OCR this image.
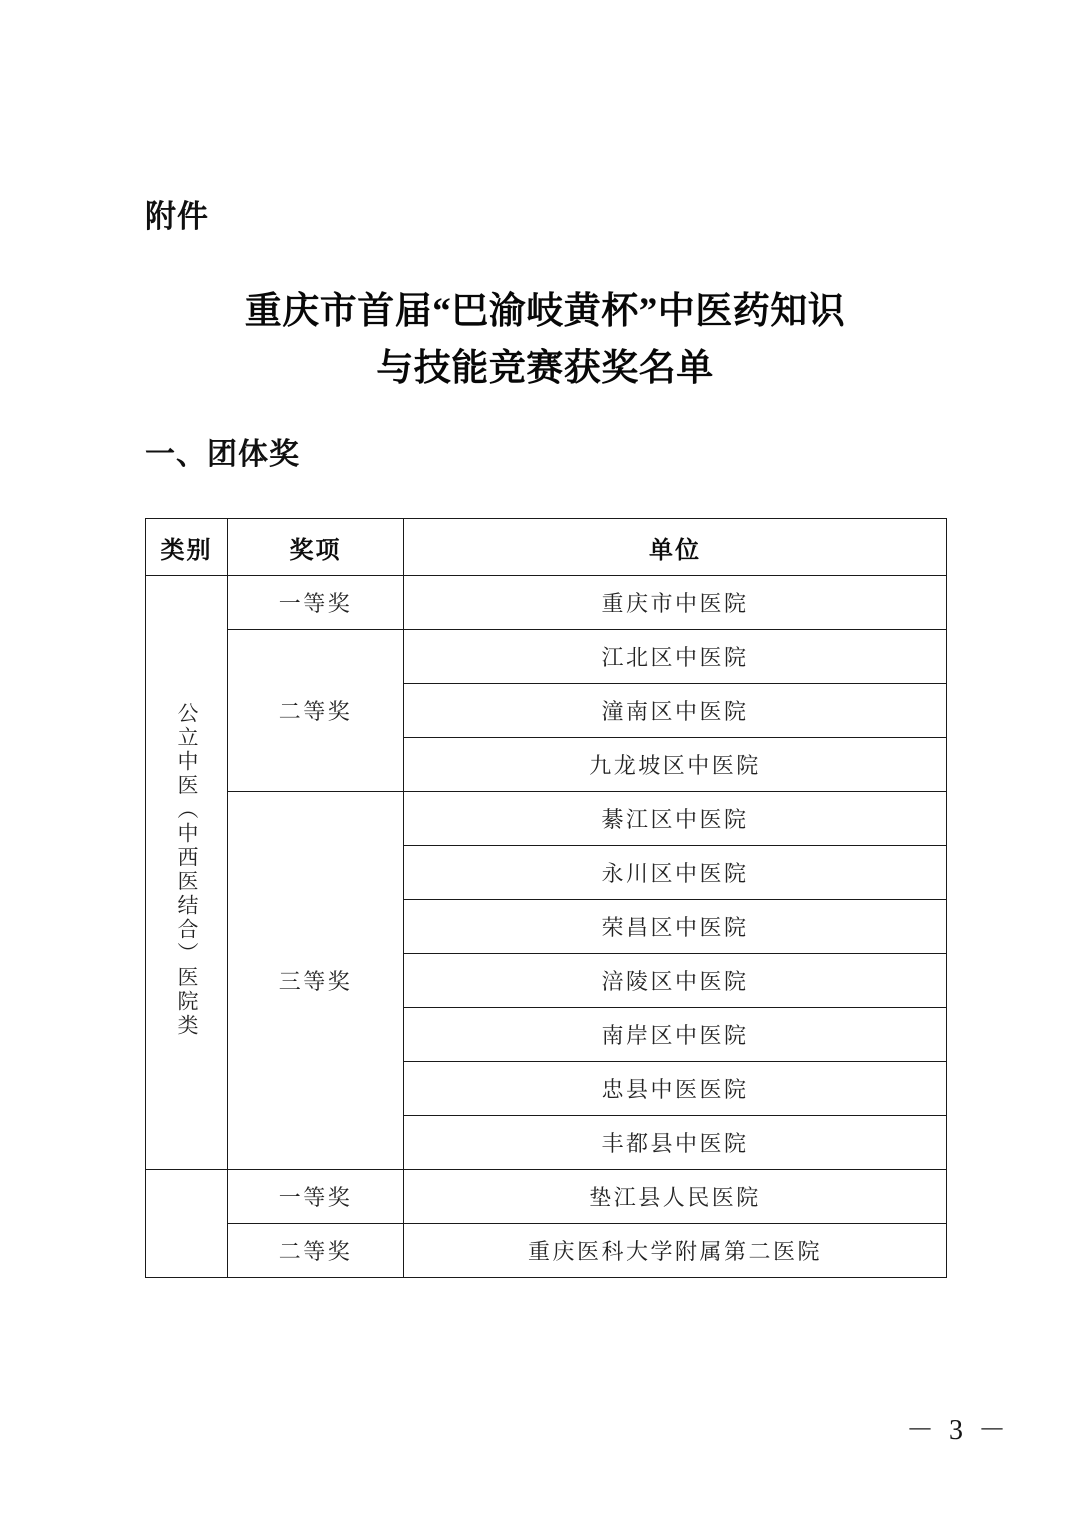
附件
重庆市首届“巴渝岐黄杯”中医药知识
与技能竞赛获奖名单
一、团体奖
类别	奖项	单位
公立中医（中西医结合）医院类	一等奖	重庆市中医院
	二等奖	江北区中医院
		潼南区中医院
		九龙坡区中医院
	三等奖	綦江区中医院
		永川区中医院
		荣昌区中医院
		涪陵区中医院
		南岸区中医院
		忠县中医医院
		丰都县中医院
	一等奖	垫江县人民医院
	二等奖	重庆医科大学附属第二医院
－ 3 －
